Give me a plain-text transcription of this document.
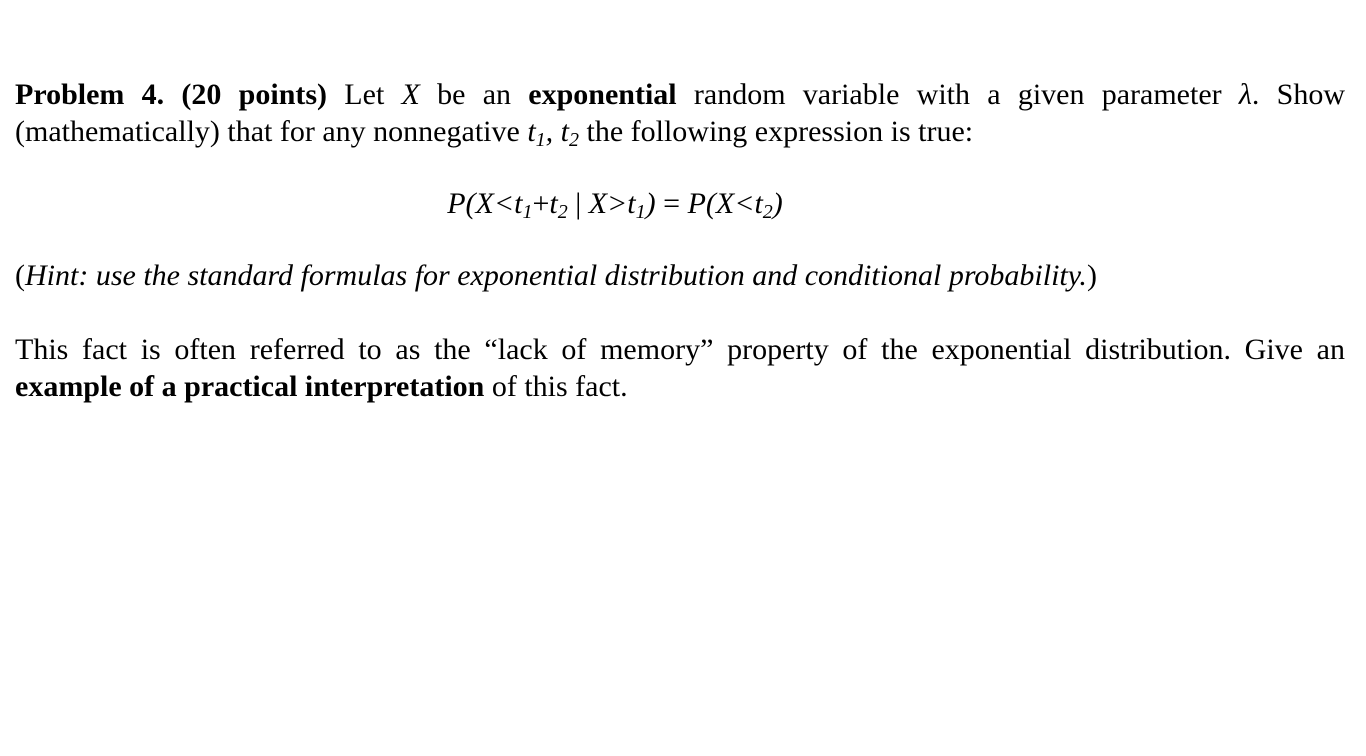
Problem 4. (20 points) Let X be an exponential random variable with a given parameter λ. Show (mathematically) that for any nonnegative $t_1$, $t_2$ the following expression is true:

$P(X<t_1+t_2$ | $X>t_1) = P(X<t_2)$

(Hint: use the standard formulas for exponential distribution and conditional probability.)

This fact is often referred to as the “lack of memory” property of the exponential distribution. Give an example of a practical interpretation of this fact.
